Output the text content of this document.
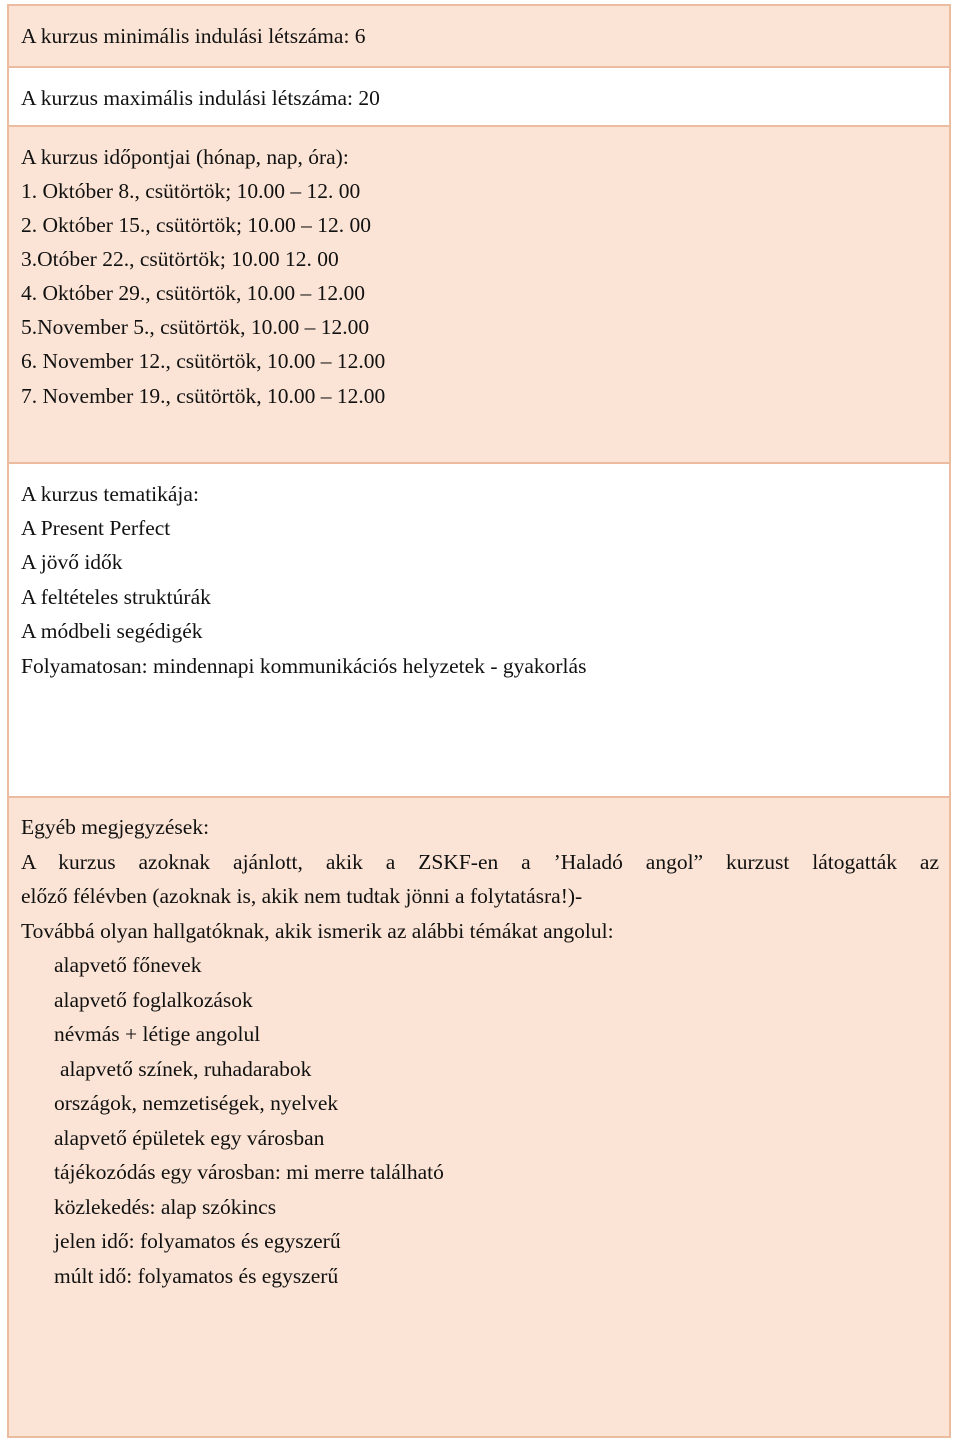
A kurzus minimális indulási létszáma: 6
A kurzus maximális indulási létszáma: 20
A kurzus időpontjai (hónap, nap, óra):
1. Október 8., csütörtök; 10.00 – 12. 00
2. Október 15., csütörtök; 10.00 – 12. 00
3.Otóber 22., csütörtök; 10.00 12. 00
4. Október 29., csütörtök, 10.00 – 12.00
5.November 5., csütörtök, 10.00 – 12.00
6. November 12., csütörtök, 10.00 – 12.00
7. November 19., csütörtök, 10.00 – 12.00
A kurzus tematikája:
A Present Perfect
A jövő idők
A feltételes struktúrák
A módbeli segédigék
Folyamatosan: mindennapi kommunikációs helyzetek - gyakorlás
Egyéb megjegyzések:
A kurzus azoknak ajánlott, akik a ZSKF-en a ’Haladó angol” kurzust látogatták az
előző félévben (azoknak is, akik nem tudtak jönni a folytatásra!)-
Továbbá olyan hallgatóknak, akik ismerik az alábbi témákat angolul:
alapvető főnevek
alapvető foglalkozások
névmás + létige angolul
alapvető színek, ruhadarabok
országok, nemzetiségek, nyelvek
alapvető épületek egy városban
tájékozódás egy városban: mi merre található
közlekedés: alap szókincs
jelen idő: folyamatos és egyszerű
múlt idő: folyamatos és egyszerű
